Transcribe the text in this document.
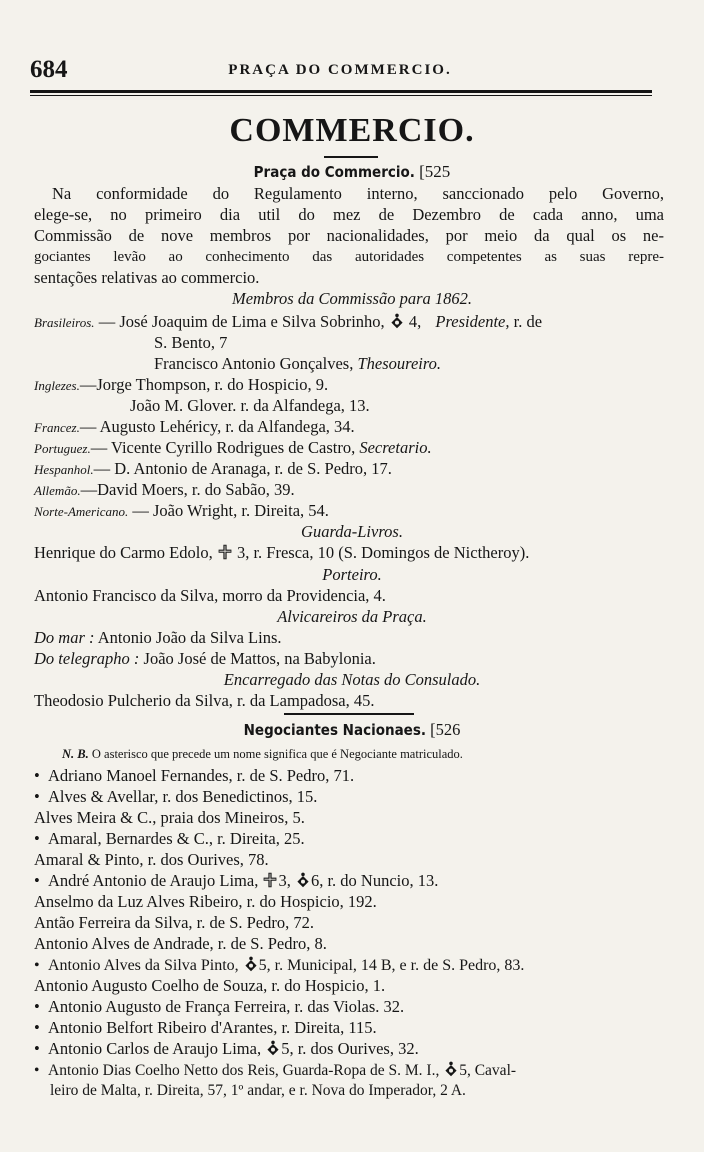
684	PRAÇA DO COMMERCIO.
COMMERCIO.
Praça do Commercio. [525
Na conformidade do Regulamento interno, sanccionado pelo Governo,
elege-se, no primeiro dia util do mez de Dezembro de cada anno, uma
Commissão de nove membros por nacionalidades, por meio da qual os ne-
gociantes levão ao conhecimento das autoridades competentes as suas repre-
sentações relativas ao commercio.
Membros da Commissão para 1862.
Brasileiros. — José Joaquim de Lima e Silva Sobrinho, 4, Presidente, r. de
S. Bento, 7
Francisco Antonio Gonçalves, Thesoureiro.
Inglezes.—Jorge Thompson, r. do Hospicio, 9.
João M. Glover. r. da Alfandega, 13.
Francez.— Augusto Lehéricy, r. da Alfandega, 34.
Portuguez.— Vicente Cyrillo Rodrigues de Castro, Secretario.
Hespanhol.— D. Antonio de Aranaga, r. de S. Pedro, 17.
Allemão.—David Moers, r. do Sabão, 39.
Norte-Americano. — João Wright, r. Direita, 54.
Guarda-Livros.
Henrique do Carmo Edolo, 3, r. Fresca, 10 (S. Domingos de Nictheroy).
Porteiro.
Antonio Francisco da Silva, morro da Providencia, 4.
Alvicareiros da Praça.
Do mar : Antonio João da Silva Lins.
Do telegrapho : João José de Mattos, na Babylonia.
Encarregado das Notas do Consulado.
Theodosio Pulcherio da Silva, r. da Lampadosa, 45.
Negociantes Nacionaes. [526
N. B. O asterisco que precede um nome significa que é Negociante matriculado.
• Adriano Manoel Fernandes, r. de S. Pedro, 71.
• Alves & Avellar, r. dos Benedictinos, 15.
Alves Meira & C., praia dos Mineiros, 5.
• Amaral, Bernardes & C., r. Direita, 25.
Amaral & Pinto, r. dos Ourives, 78.
• André Antonio de Araujo Lima, 3, 6, r. do Nuncio, 13.
Anselmo da Luz Alves Ribeiro, r. do Hospicio, 192.
Antão Ferreira da Silva, r. de S. Pedro, 72.
Antonio Alves de Andrade, r. de S. Pedro, 8.
• Antonio Alves da Silva Pinto, 5, r. Municipal, 14 B, e r. de S. Pedro, 83.
Antonio Augusto Coelho de Souza, r. do Hospicio, 1.
• Antonio Augusto de França Ferreira, r. das Violas. 32.
• Antonio Belfort Ribeiro d'Arantes, r. Direita, 115.
• Antonio Carlos de Araujo Lima, 5, r. dos Ourives, 32.
• Antonio Dias Coelho Netto dos Reis, Guarda-Ropa de S. M. I., 5, Caval-
leiro de Malta, r. Direita, 57, 1º andar, e r. Nova do Imperador, 2 A.
